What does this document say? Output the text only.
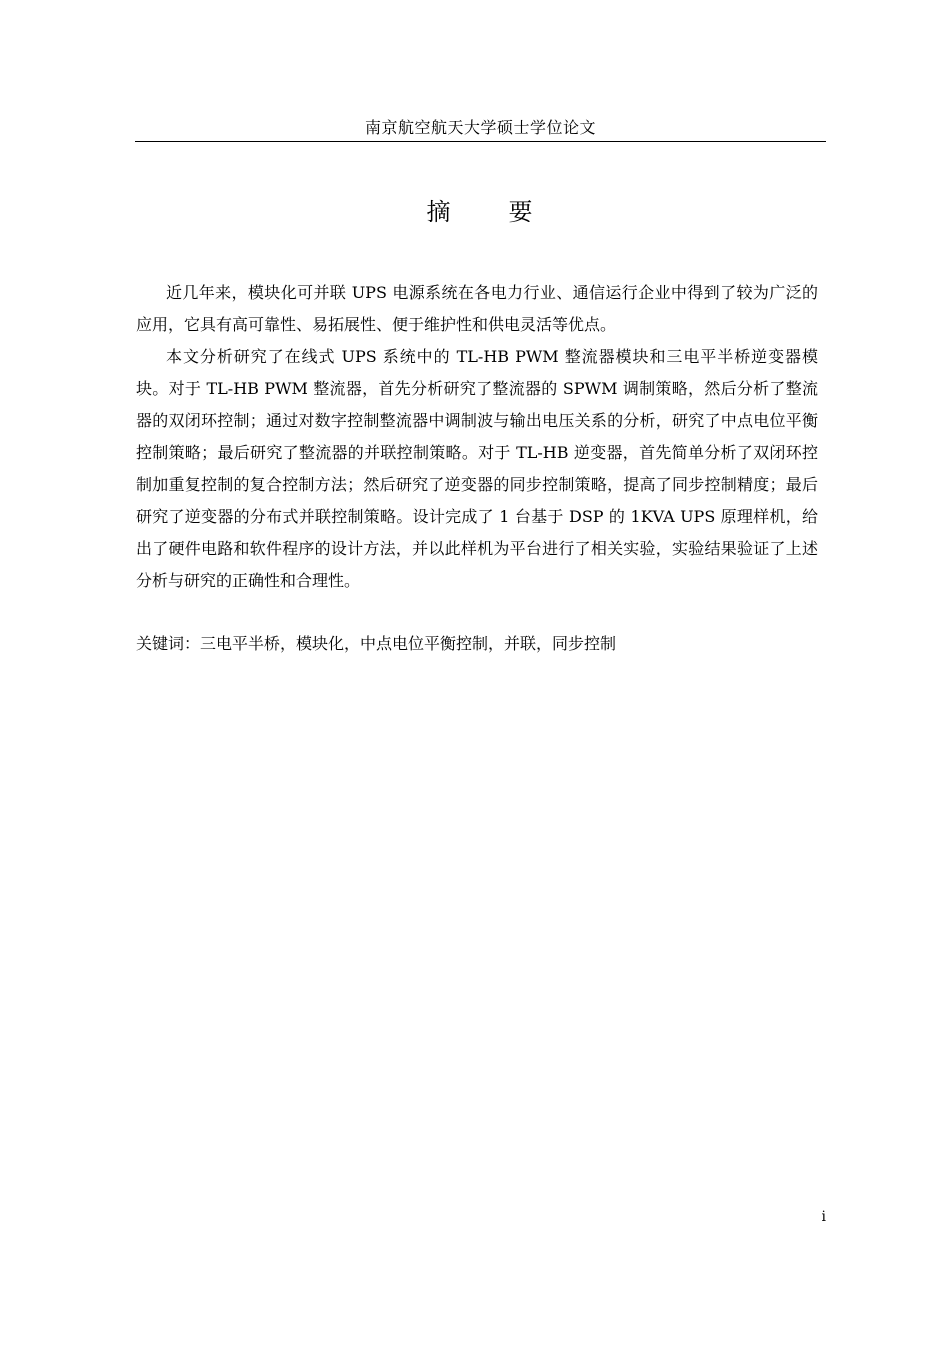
南京航空航天大学硕士学位论文
摘 要

近几年来，模块化可并联 UPS 电源系统在各电力行业、通信运行企业中得到了较为广泛的应用，它具有高可靠性、易拓展性、便于维护性和供电灵活等优点。

本文分析研究了在线式 UPS 系统中的 TL-HB PWM 整流器模块和三电平半桥逆变器模块。对于 TL-HB PWM 整流器，首先分析研究了整流器的 SPWM 调制策略，然后分析了整流器的双闭环控制；通过对数字控制整流器中调制波与输出电压关系的分析，研究了中点电位平衡控制策略；最后研究了整流器的并联控制策略。对于 TL-HB 逆变器，首先简单分析了双闭环控制加重复控制的复合控制方法；然后研究了逆变器的同步控制策略，提高了同步控制精度；最后研究了逆变器的分布式并联控制策略。设计完成了 1 台基于 DSP 的 1KVA UPS 原理样机，给出了硬件电路和软件程序的设计方法，并以此样机为平台进行了相关实验，实验结果验证了上述分析与研究的正确性和合理性。

关键词：三电平半桥，模块化，中点电位平衡控制，并联，同步控制

i
